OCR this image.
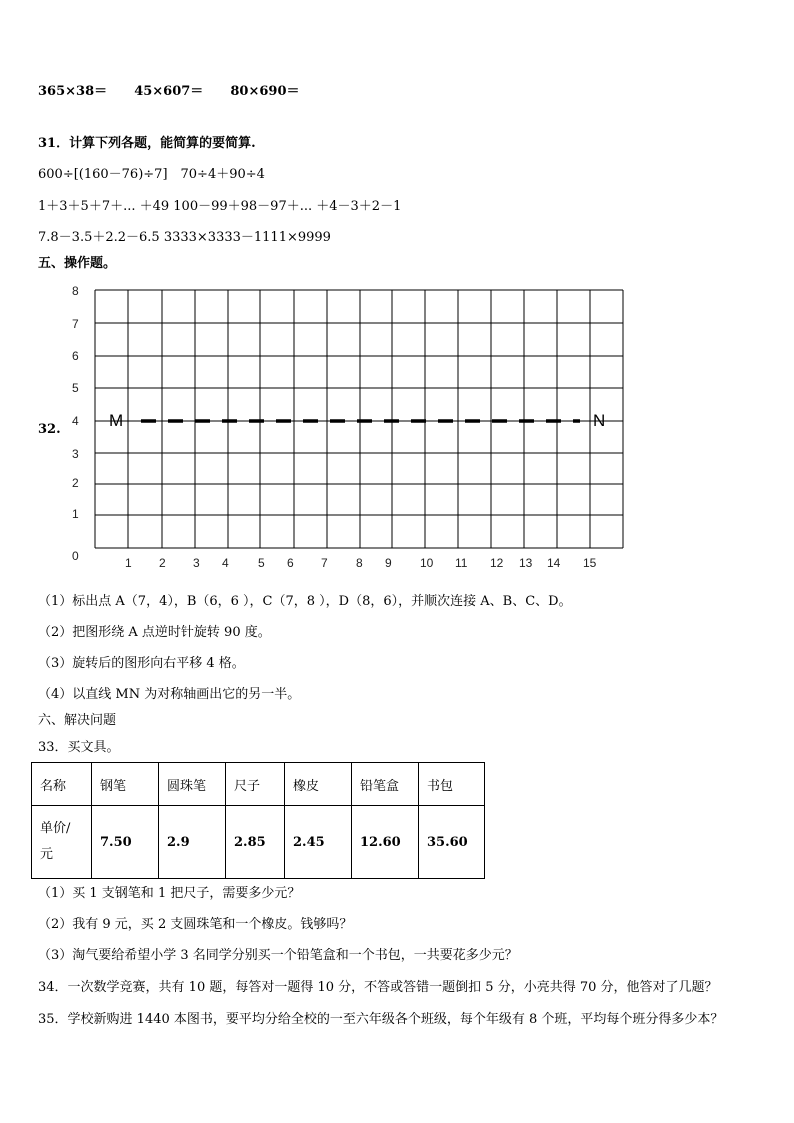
365×38＝ 45×607＝ 80×690＝
31．计算下列各题，能简算的要简算.
600÷[(160－76)÷7]　70÷4＋90÷4
1＋3＋5＋7＋... ＋49 100－99＋98－97＋... ＋4－3＋2－1
7.8－3.5＋2.2－6.5 3333×3333－1111×9999
五、操作题。
32.
8
7
6
5
4
3
2
1
0	1 2 3 4 5 6 7 8 9 10 11 12 13 14 15
M	N
（1）标出点 A（7，4），B（6，6 ），C（7，8 ），D（8，6），并顺次连接 A、B、C、D。
（2）把图形绕 A 点逆时针旋转 90 度。
（3）旋转后的图形向右平移 4 格。
（4）以直线 MN 为对称轴画出它的另一半。
六、解决问题
33．买文具。
名称	钢笔	圆珠笔	尺子	橡皮	铅笔盒	书包

单价/
元	7.50	2.9	2.85	2.45	12.60	35.60
（1）买 1 支钢笔和 1 把尺子，需要多少元？
（2）我有 9 元，买 2 支圆珠笔和一个橡皮。钱够吗？
（3）淘气要给希望小学 3 名同学分别买一个铅笔盒和一个书包，一共要花多少元？
34．一次数学竞赛，共有 10 题，每答对一题得 10 分，不答或答错一题倒扣 5 分，小亮共得 70 分，他答对了几题？
35．学校新购进 1440 本图书，要平均分给全校的一至六年级各个班级，每个年级有 8 个班，平均每个班分得多少本？
